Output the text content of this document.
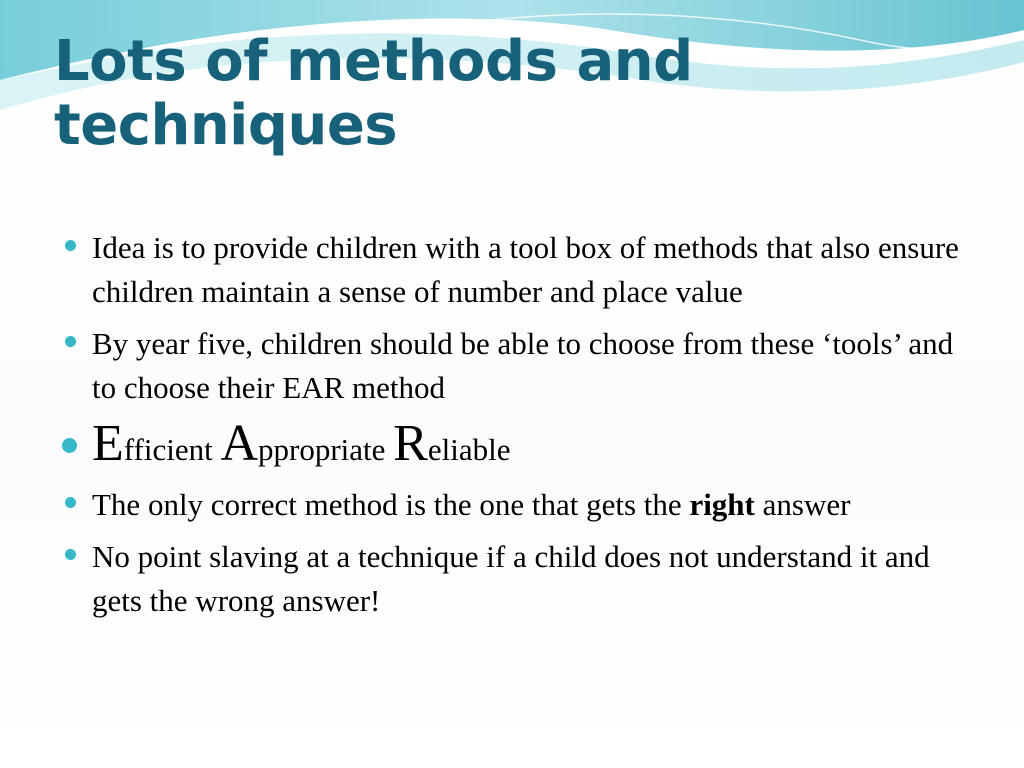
Lots of methods and techniques
Idea is to provide children with a tool box of methods that also ensure children maintain a sense of number and place value
By year five, children should be able to choose from these ‘tools’ and to choose their EAR method
Efficient Appropriate Reliable
The only correct method is the one that gets the right answer
No point slaving at a technique if a child does not understand it and gets the wrong answer!
